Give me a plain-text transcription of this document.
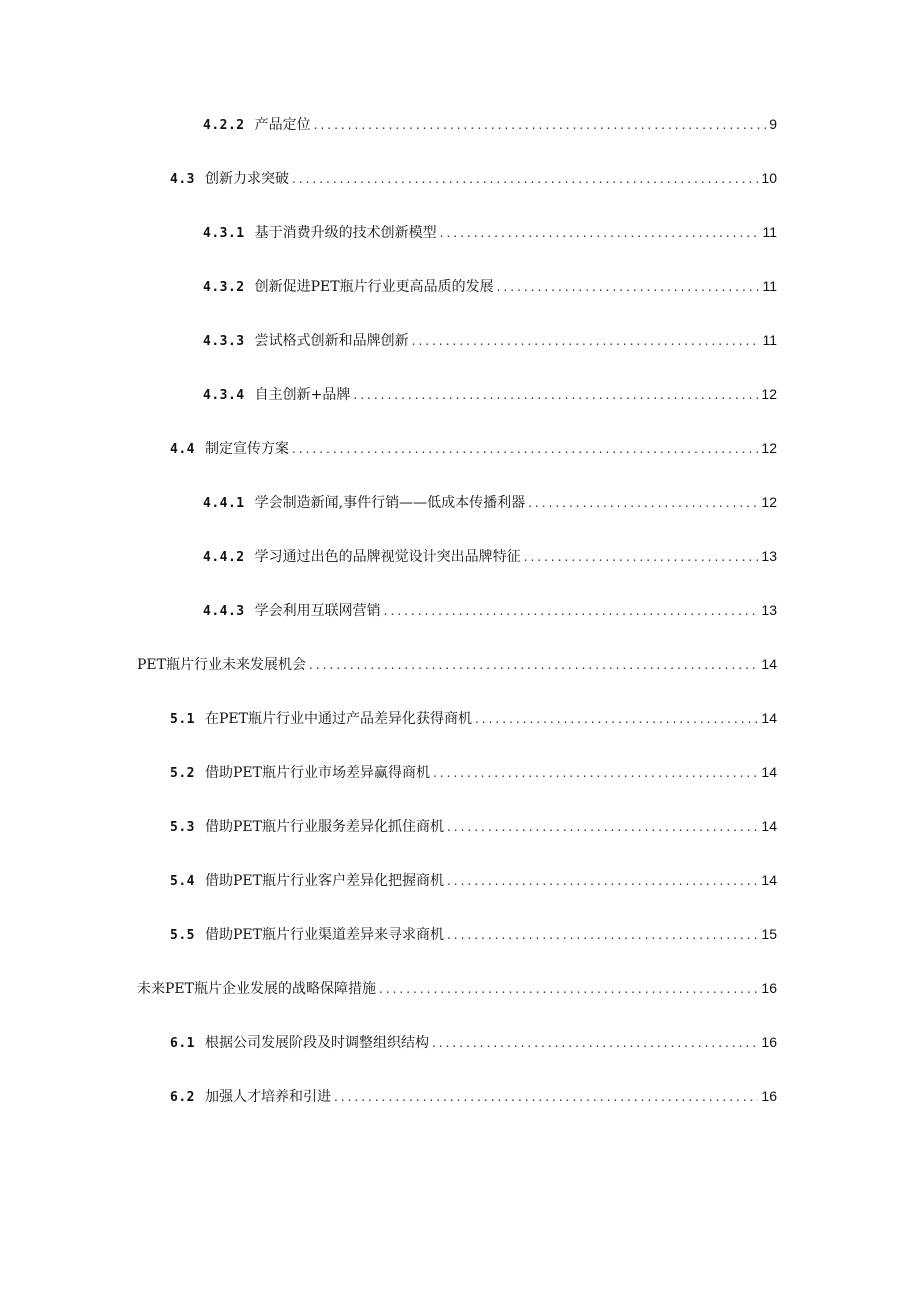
4.2.2 产品定位 .....	9
4.3 创新力求突破 .....	10
4.3.1 基于消费升级的技术创新模型 .....	11
4.3.2 创新促进PET瓶片行业更高品质的发展 .....	11
4.3.3 尝试格式创新和品牌创新 .....	11
4.3.4 自主创新+品牌 .....	12
4.4 制定宣传方案 .....	12
4.4.1 学会制造新闻,事件行销——低成本传播利器 .....	12
4.4.2 学习通过出色的品牌视觉设计突出品牌特征 .....	13
4.4.3 学会利用互联网营销 .....	13
PET瓶片行业未来发展机会 .....	14
5.1 在PET瓶片行业中通过产品差异化获得商机 .....	14
5.2 借助PET瓶片行业市场差异赢得商机 .....	14
5.3 借助PET瓶片行业服务差异化抓住商机 .....	14
5.4 借助PET瓶片行业客户差异化把握商机 .....	14
5.5 借助PET瓶片行业渠道差异来寻求商机 .....	15
未来PET瓶片企业发展的战略保障措施 .....	16
6.1 根据公司发展阶段及时调整组织结构 .....	16
6.2 加强人才培养和引进 .....	16
